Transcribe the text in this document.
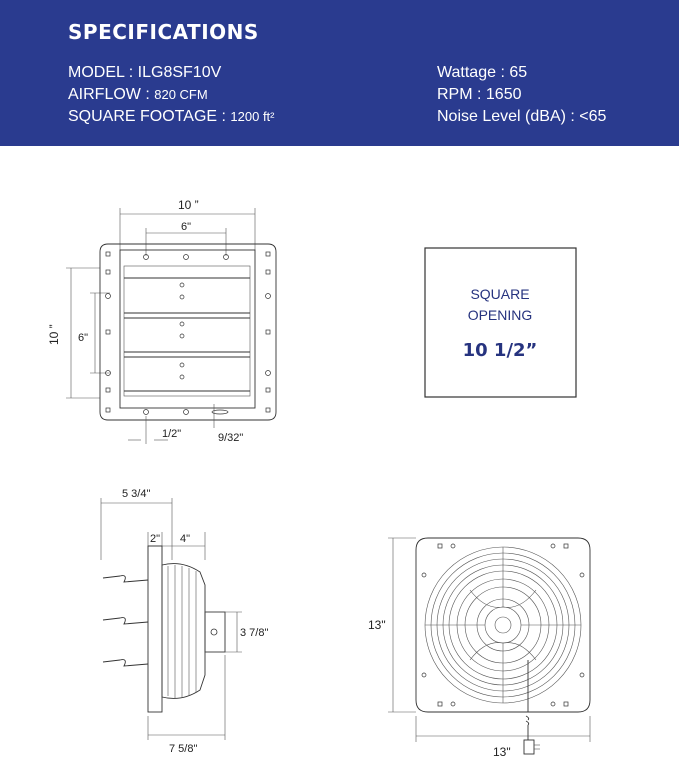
SPECIFICATIONS
MODEL : ILG8SF10V
AIRFLOW : 820 CFM
SQUARE FOOTAGE : 1200 ft²
Wattage : 65
RPM : 1650
Noise Level (dBA) : <65
10 ”
6"
10 ” 6"
1/2"	9/32"
SQUARE
OPENING
10 1/2”
5 3/4"
2" 4"
3 7/8"
7 5/8"
13"
13"
